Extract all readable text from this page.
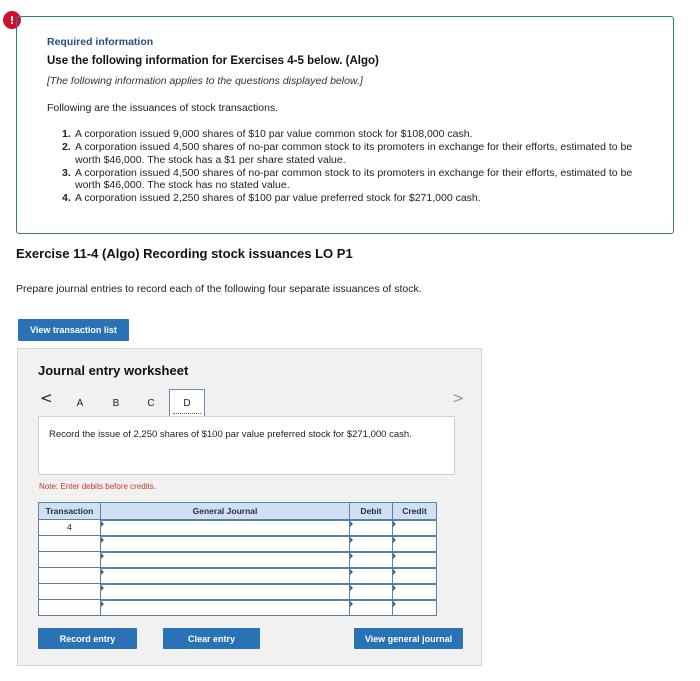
!
Required information
Use the following information for Exercises 4-5 below. (Algo)
[The following information applies to the questions displayed below.]
Following are the issuances of stock transactions.
1. A corporation issued 9,000 shares of $10 par value common stock for $108,000 cash.
2. A corporation issued 4,500 shares of no-par common stock to its promoters in exchange for their efforts, estimated to be worth $46,000. The stock has a $1 per share stated value.
3. A corporation issued 4,500 shares of no-par common stock to its promoters in exchange for their efforts, estimated to be worth $46,000. The stock has no stated value.
4. A corporation issued 2,250 shares of $100 par value preferred stock for $271,000 cash.
Exercise 11-4 (Algo) Recording stock issuances LO P1
Prepare journal entries to record each of the following four separate issuances of stock.
View transaction list
Journal entry worksheet
<	A	B	C	D	>
Record the issue of 2,250 shares of $100 par value preferred stock for $271,000 cash.
Note: Enter debits before credits.
Transaction	General Journal	Debit	Credit
4			

Record entry	Clear entry	View general journal
